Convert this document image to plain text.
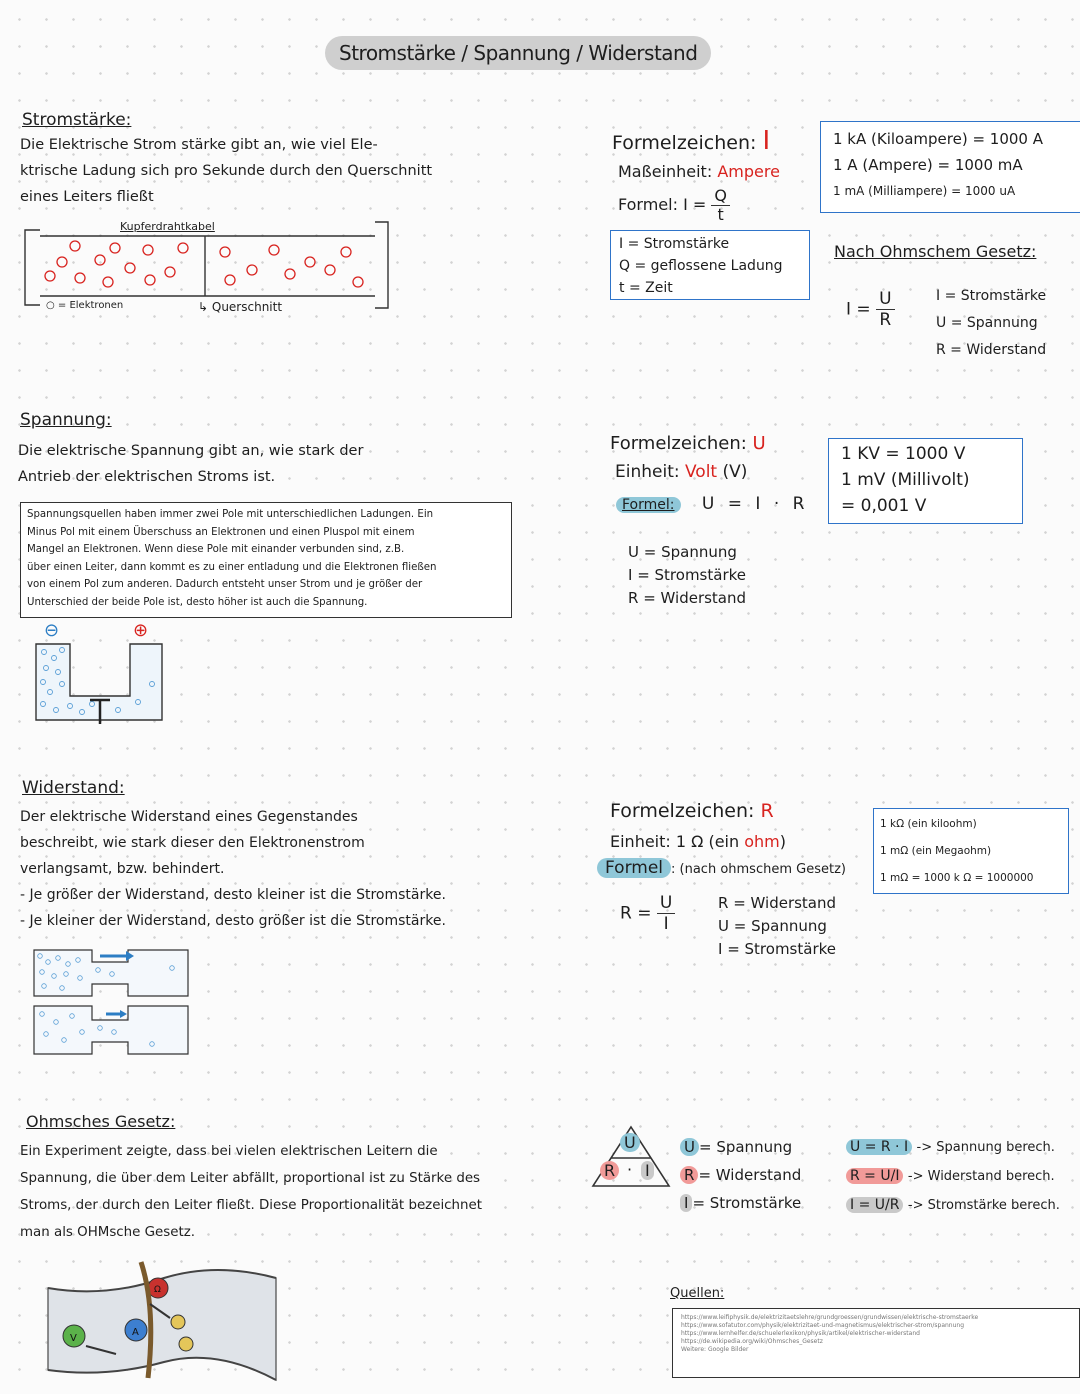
Stromstärke / Spannung / Widerstand
Stromstärke:
Die Elektrische Strom stärke gibt an, wie viel Ele-
ktrische Ladung sich pro Sekunde durch den Querschnitt
eines Leiters fließt
Kupferdrahtkabel
○ = Elektronen	↳ Querschnitt
Formelzeichen: I
Maßeinheit: Ampere
Formel: $I = \frac{Q}{t}$
I = Stromstärke
Q = geflossene Ladung
t = Zeit
1 kA (Kiloampere) = 1000 A
1 A (Ampere) = 1000 mA
1 mA (Milliampere) = 1000 uA
Nach Ohmschem Gesetz:
$I = \frac{U}{R}$	I = Stromstärke
U = Spannung
R = Widerstand
Spannung:
Die elektrische Spannung gibt an, wie stark der
Antrieb der elektrischen Stroms ist.
Spannungsquellen haben immer zwei Pole mit unterschiedlichen Ladungen. Ein
Minus Pol mit einem Überschuss an Elektronen und einen Pluspol mit einem
Mangel an Elektronen. Wenn diese Pole mit einander verbunden sind, z.B.
über einen Leiter, dann kommt es zu einer entladung und die Elektronen fließen
von einem Pol zum anderen. Dadurch entsteht unser Strom und je größer der
Unterschied der beide Pole ist, desto höher ist auch die Spannung.
⊖	⊕
Formelzeichen: U
Einheit: Volt (V)
Formel: U = I · R
U = Spannung
I = Stromstärke
R = Widerstand
1 KV = 1000 V
1 mV (Millivolt)
= 0,001 V
Widerstand:
Der elektrische Widerstand eines Gegenstandes
beschreibt, wie stark dieser den Elektronenstrom
verlangsamt, bzw. behindert.
- Je größer der Widerstand, desto kleiner ist die Stromstärke.
- Je kleiner der Widerstand, desto größer ist die Stromstärke.
Formelzeichen: R
Einheit: 1 Ω (ein ohm)
Formel : (nach ohmschem Gesetz)
$R = \frac{U}{I}$	R = Widerstand
U = Spannung
I = Stromstärke
1 kΩ (ein kiloohm)
1 mΩ (ein Megaohm)
1 mΩ = 1000 k Ω = 1000000
Ohmsches Gesetz:
Ein Experiment zeigte, dass bei vielen elektrischen Leitern die
Spannung, die über dem Leiter abfällt, proportional ist zu Stärke des
Stroms, der durch den Leiter fließt. Diese Proportionalität bezeichnet
man als OHMsche Gesetz.
V
A
Ω
U
R · I
U = Spannung
R = Widerstand
I = Stromstärke
U = R · I -> Spannung berech.
R = U/I -> Widerstand berech.
I = U/R -> Stromstärke berech.
Quellen:
https://www.leifiphysik.de/elektrizitaetslehre/grundgroessen/grundwissen/elektrische-stromstaerke
https://www.sofatutor.com/physik/elektrizitaet-und-magnetismus/elektrischer-strom/spannung
https://www.lernhelfer.de/schuelerlexikon/physik/artikel/elektrischer-widerstand
https://de.wikipedia.org/wiki/Ohmsches_Gesetz
Weitere: Google Bilder
